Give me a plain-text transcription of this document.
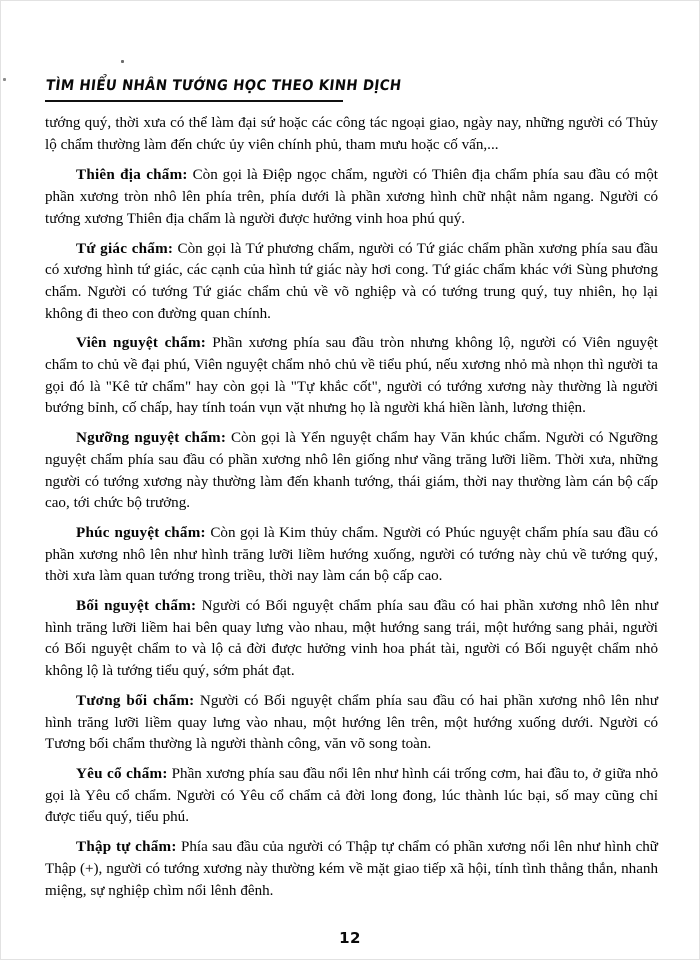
TÌM HIỂU NHÂN TƯỚNG HỌC THEO KINH DỊCH

tướng quý, thời xưa có thể làm đại sứ hoặc các công tác ngoại giao, ngày nay, những người có Thủy lộ chẩm thường làm đến chức ủy viên chính phủ, tham mưu hoặc cố vấn,...

Thiên địa chẩm: Còn gọi là Điệp ngọc chẩm, người có Thiên địa chẩm phía sau đầu có một phần xương tròn nhô lên phía trên, phía dưới là phần xương hình chữ nhật nằm ngang. Người có tướng xương Thiên địa chẩm là người được hưởng vinh hoa phú quý.

Tứ giác chẩm: Còn gọi là Tứ phương chẩm, người có Tứ giác chẩm phần xương phía sau đầu có xương hình tứ giác, các cạnh của hình tứ giác này hơi cong. Tứ giác chẩm khác với Sùng phương chẩm. Người có tướng Tứ giác chẩm chủ về võ nghiệp và có tướng trung quý, tuy nhiên, họ lại không đi theo con đường quan chính.

Viên nguyệt chẩm: Phần xương phía sau đầu tròn nhưng không lộ, người có Viên nguyệt chẩm to chủ về đại phú, Viên nguyệt chẩm nhỏ chủ về tiểu phú, nếu xương nhỏ mà nhọn thì người ta gọi đó là "Kê tử chẩm" hay còn gọi là "Tự khắc cốt", người có tướng xương này thường là người bướng bỉnh, cố chấp, hay tính toán vụn vặt nhưng họ là người khá hiền lành, lương thiện.

Ngưỡng nguyệt chẩm: Còn gọi là Yển nguyệt chẩm hay Văn khúc chẩm. Người có Ngưỡng nguyệt chẩm phía sau đầu có phần xương nhô lên giống như vầng trăng lưỡi liềm. Thời xưa, những người có tướng xương này thường làm đến khanh tướng, thái giám, thời nay thường làm cán bộ cấp cao, tới chức bộ trưởng.

Phúc nguyệt chẩm: Còn gọi là Kim thủy chẩm. Người có Phúc nguyệt chẩm phía sau đầu có phần xương nhô lên như hình trăng lưỡi liềm hướng xuống, người có tướng này chủ về tướng quý, thời xưa làm quan tướng trong triều, thời nay làm cán bộ cấp cao.

Bối nguyệt chẩm: Người có Bối nguyệt chẩm phía sau đầu có hai phần xương nhô lên như hình trăng lưỡi liềm hai bên quay lưng vào nhau, một hướng sang trái, một hướng sang phải, người có Bối nguyệt chẩm to và lộ cả đời được hưởng vinh hoa phát tài, người có Bối nguyệt chẩm nhỏ không lộ là tướng tiểu quý, sớm phát đạt.

Tương bối chẩm: Người có Bối nguyệt chẩm phía sau đầu có hai phần xương nhô lên như hình trăng lưỡi liềm quay lưng vào nhau, một hướng lên trên, một hướng xuống dưới. Người có Tương bối chẩm thường là người thành công, văn võ song toàn.

Yêu cổ chẩm: Phần xương phía sau đầu nổi lên như hình cái trống cơm, hai đầu to, ở giữa nhỏ gọi là Yêu cổ chẩm. Người có Yêu cổ chẩm cả đời long đong, lúc thành lúc bại, số may cũng chỉ được tiểu quý, tiểu phú.

Thập tự chẩm: Phía sau đầu của người có Thập tự chẩm có phần xương nổi lên như hình chữ Thập (+), người có tướng xương này thường kém về mặt giao tiếp xã hội, tính tình thẳng thắn, nhanh miệng, sự nghiệp chìm nổi lênh đênh.

12
